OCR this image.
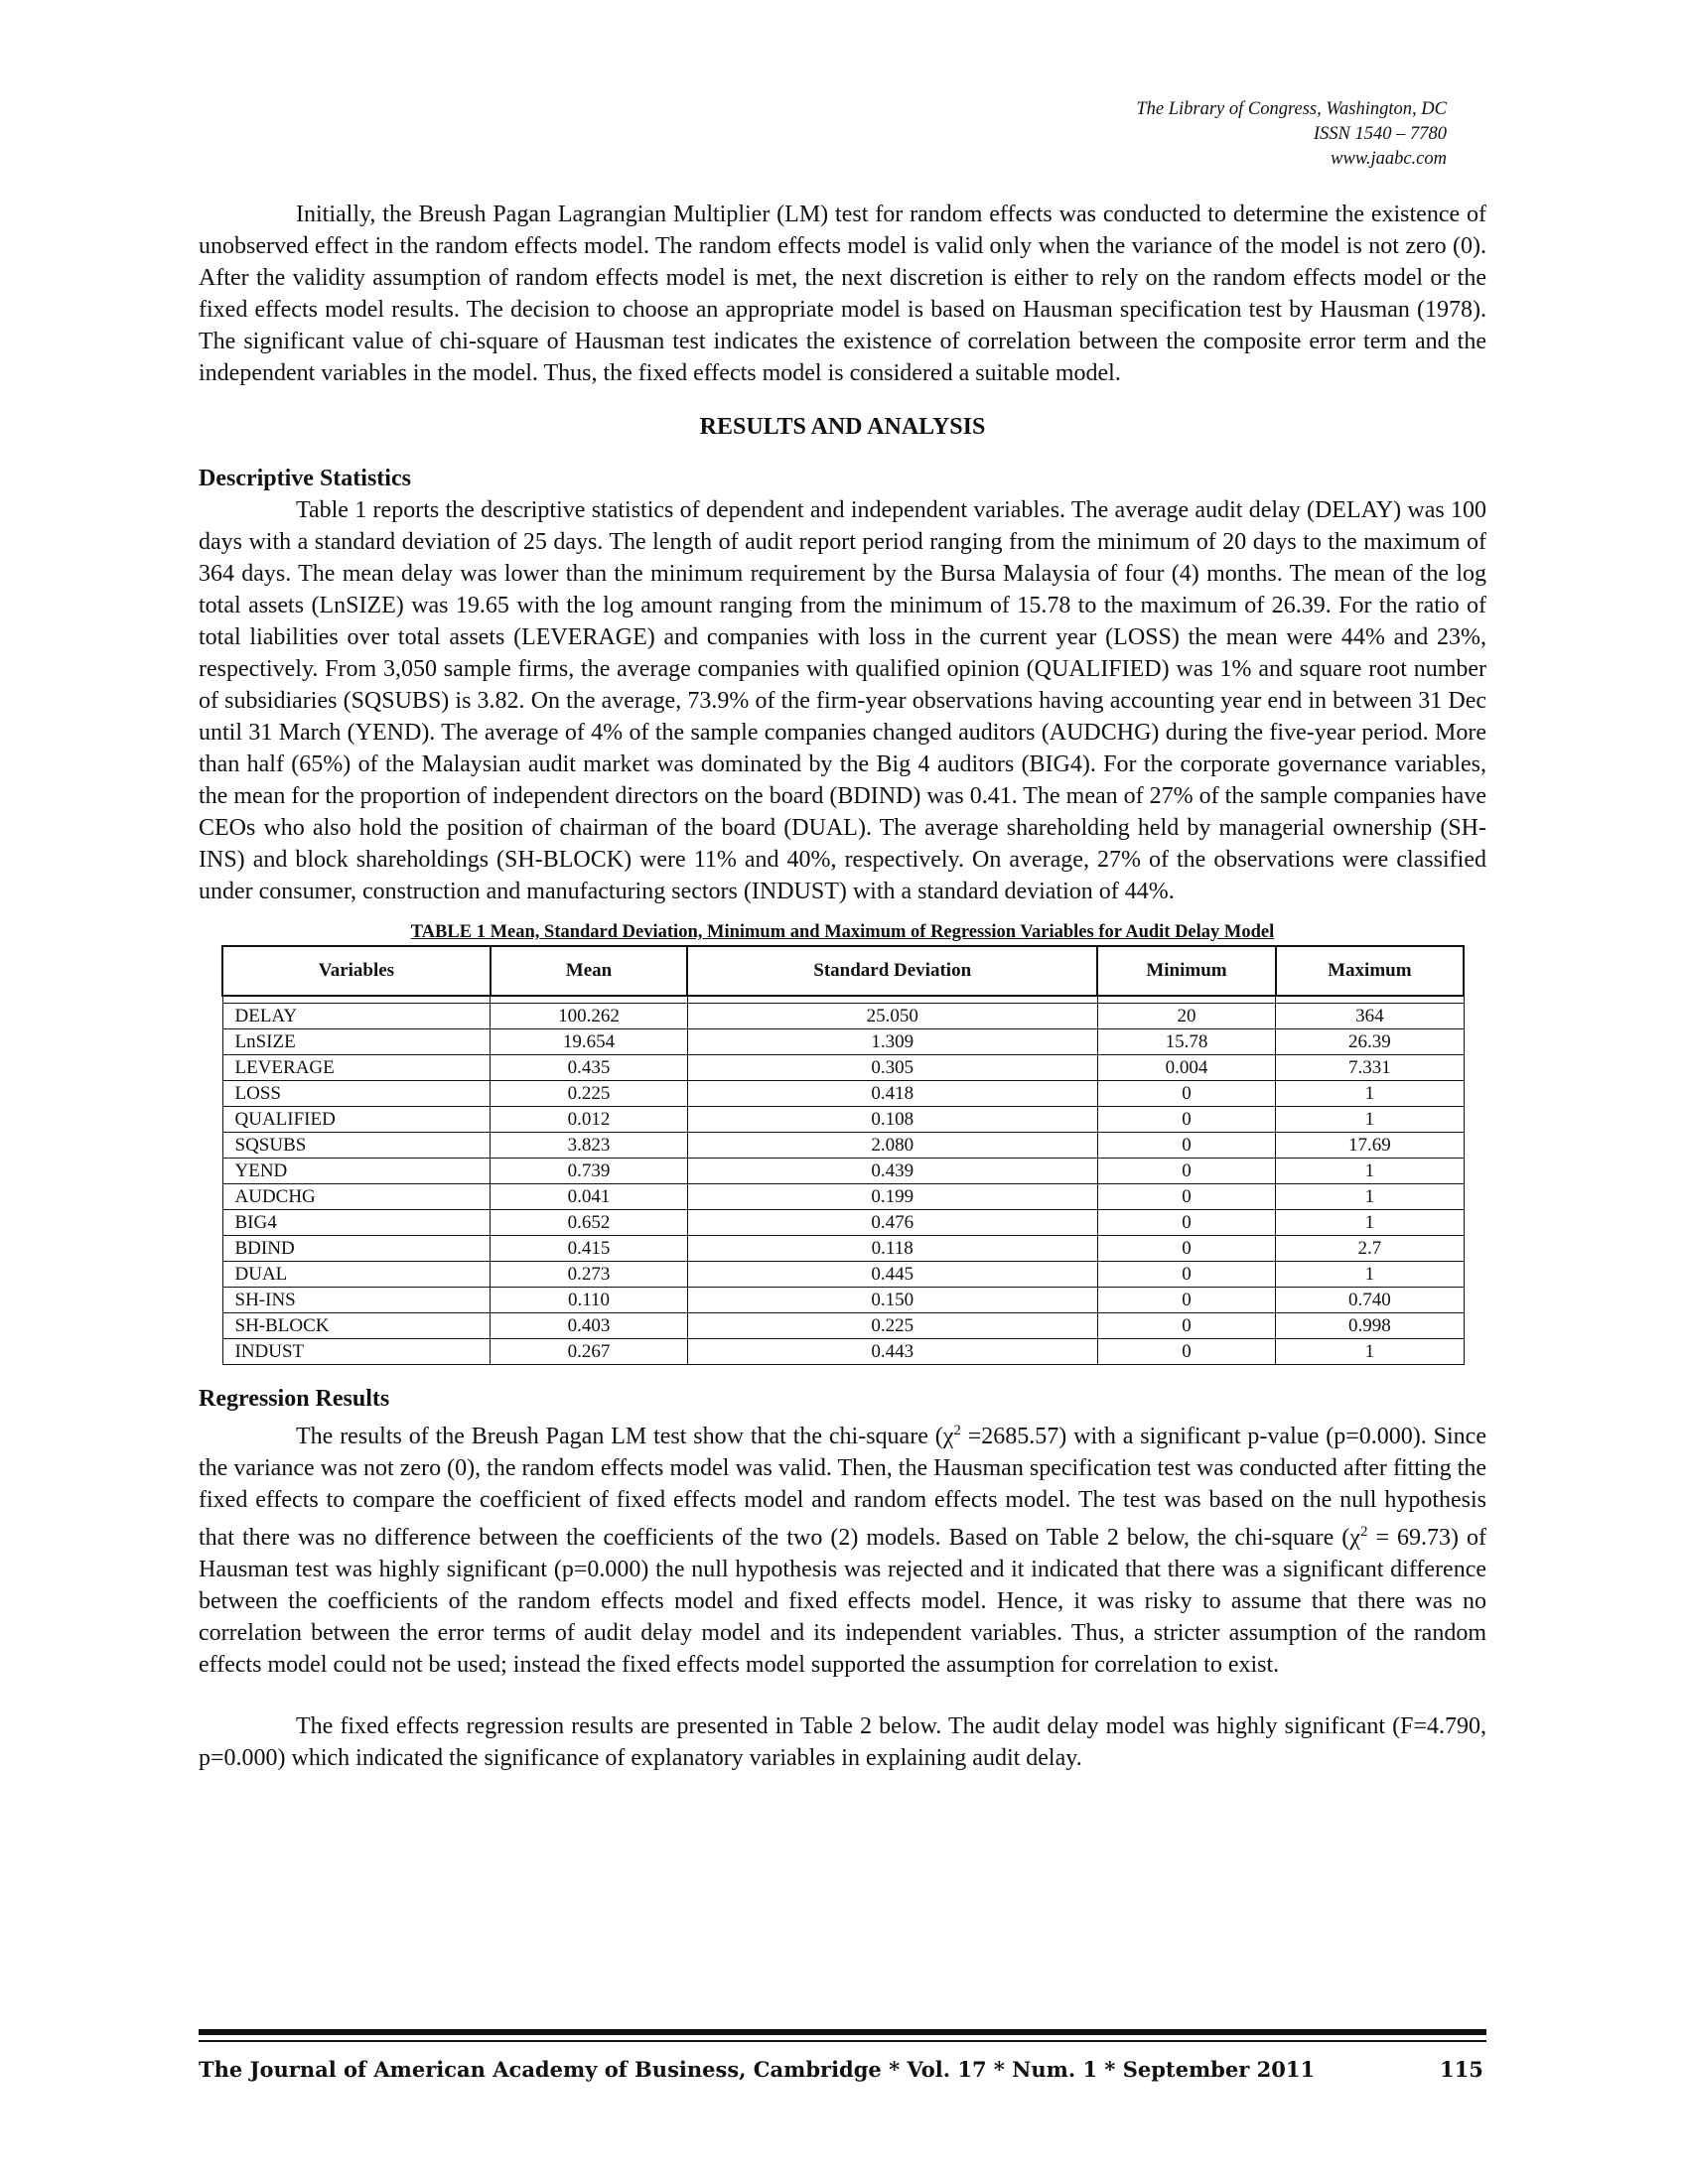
The Library of Congress, Washington, DC
ISSN 1540 – 7780
www.jaabc.com

Initially, the Breush Pagan Lagrangian Multiplier (LM) test for random effects was conducted to determine the existence of unobserved effect in the random effects model. The random effects model is valid only when the variance of the model is not zero (0). After the validity assumption of random effects model is met, the next discretion is either to rely on the random effects model or the fixed effects model results. The decision to choose an appropriate model is based on Hausman specification test by Hausman (1978). The significant value of chi-square of Hausman test indicates the existence of correlation between the composite error term and the independent variables in the model. Thus, the fixed effects model is considered a suitable model.

RESULTS AND ANALYSIS
Descriptive Statistics

Table 1 reports the descriptive statistics of dependent and independent variables. The average audit delay (DELAY) was 100 days with a standard deviation of 25 days. The length of audit report period ranging from the minimum of 20 days to the maximum of 364 days. The mean delay was lower than the minimum requirement by the Bursa Malaysia of four (4) months. The mean of the log total assets (LnSIZE) was 19.65 with the log amount ranging from the minimum of 15.78 to the maximum of 26.39. For the ratio of total liabilities over total assets (LEVERAGE) and companies with loss in the current year (LOSS) the mean were 44% and 23%, respectively. From 3,050 sample firms, the average companies with qualified opinion (QUALIFIED) was 1% and square root number of subsidiaries (SQSUBS) is 3.82. On the average, 73.9% of the firm-year observations having accounting year end in between 31 Dec until 31 March (YEND). The average of 4% of the sample companies changed auditors (AUDCHG) during the five-year period. More than half (65%) of the Malaysian audit market was dominated by the Big 4 auditors (BIG4). For the corporate governance variables, the mean for the proportion of independent directors on the board (BDIND) was 0.41. The mean of 27% of the sample companies have CEOs who also hold the position of chairman of the board (DUAL). The average shareholding held by managerial ownership (SH-INS) and block shareholdings (SH-BLOCK) were 11% and 40%, respectively. On average, 27% of the observations were classified under consumer, construction and manufacturing sectors (INDUST) with a standard deviation of 44%.

TABLE 1 Mean, Standard Deviation, Minimum and Maximum of Regression Variables for Audit Delay Model
Variables	Mean	Standard Deviation	Minimum	Maximum

DELAY	100.262	25.050	20	364
LnSIZE	19.654	1.309	15.78	26.39
LEVERAGE	0.435	0.305	0.004	7.331
LOSS	0.225	0.418	0	1
QUALIFIED	0.012	0.108	0	1
SQSUBS	3.823	2.080	0	17.69
YEND	0.739	0.439	0	1
AUDCHG	0.041	0.199	0	1
BIG4	0.652	0.476	0	1
BDIND	0.415	0.118	0	2.7
DUAL	0.273	0.445	0	1
SH-INS	0.110	0.150	0	0.740
SH-BLOCK	0.403	0.225	0	0.998
INDUST	0.267	0.443	0	1
Regression Results

The results of the Breush Pagan LM test show that the chi-square $(\chi^2 =2685.57)$ with a significant p-value (p=0.000). Since the variance was not zero (0), the random effects model was valid. Then, the Hausman specification test was conducted after fitting the fixed effects to compare the coefficient of fixed effects model and random effects model. The test was based on the null hypothesis that there was no difference between the coefficients of the two (2) models. Based on Table 2 below, the chi-square $(\chi^2 = 69.73)$ of Hausman test was highly significant (p=0.000) the null hypothesis was rejected and it indicated that there was a significant difference between the coefficients of the random effects model and fixed effects model. Hence, it was risky to assume that there was no correlation between the error terms of audit delay model and its independent variables. Thus, a stricter assumption of the random effects model could not be used; instead the fixed effects model supported the assumption for correlation to exist.

The fixed effects regression results are presented in Table 2 below. The audit delay model was highly significant (F=4.790, p=0.000) which indicated the significance of explanatory variables in explaining audit delay.

The Journal of American Academy of Business, Cambridge * Vol. 17 * Num. 1 * September 2011	115
